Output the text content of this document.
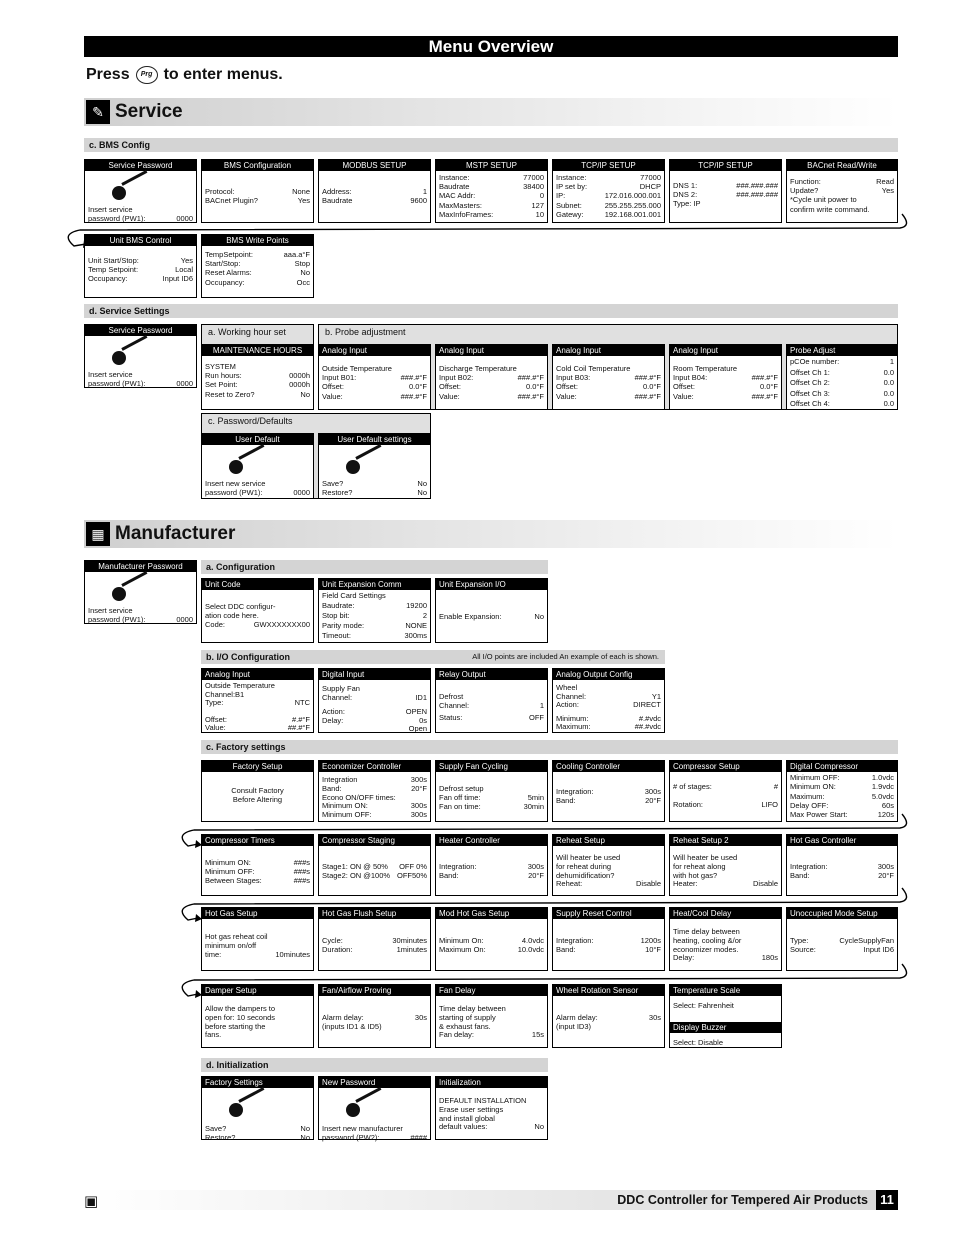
Menu Overview
Press	Prg to enter menus.
✎ Service
c. BMS Config
Service Password
Insert service
password (PW1):	0000
BMS Configuration
Protocol:	None
BACnet Plugin?	Yes
MODBUS SETUP
Address:	1
Baudrate	9600
MSTP SETUP
Instance:	77000
Baudrate	38400
MAC Addr:	0
MaxMasters:	127
MaxInfoFrames:	10
TCP/IP SETUP
Instance:	77000
IP set by:	DHCP
IP:	172.016.000.001
Subnet:	255.255.255.000
Gatewy:	192.168.001.001
TCP/IP SETUP
DNS 1:	###.###.###
DNS 2:	###.###.###
Type: IP
BACnet Read/Write
Function:	Read
Update?	Yes
*Cycle unit power to
confirm write command.
Unit BMS Control
Unit Start/Stop:	Yes
Temp Setpoint:	Local
Occupancy:	Input ID6
BMS Write Points
TempSetpoint:	aaa.a°F
Start/Stop:	Stop
Reset Alarms:	No
Occupancy:	Occ
d. Service Settings
Service Password
Insert service
password (PW1):	0000
a. Working hour set
MAINTENANCE HOURS
SYSTEM
Run hours:	0000h
Set Point:	0000h
Reset to Zero?	No
b. Probe adjustment
Analog Input
Outside Temperature
Input B01:	###.#°F
Offset:	0.0°F
Value:	###.#°F
Analog Input
Discharge Temperature
Input B02:	###.#°F
Offset:	0.0°F
Value:	###.#°F
Analog Input
Cold Coil Temperature
Input B03:	###.#°F
Offset:	0.0°F
Value:	###.#°F
Analog Input
Room Temperature
Input B04:	###.#°F
Offset:	0.0°F
Value:	###.#°F
Probe Adjust
pCOe number:	1
Offset Ch 1:	0.0
Offset Ch 2:	0.0
Offset Ch 3:	0.0
Offset Ch 4:	0.0
c. Password/Defaults
User Default
Insert new service
password (PW1):	0000
User Default settings
Save?	No
Restore?	No
▦ Manufacturer
Manufacturer Password
Insert service
password (PW1):	0000
a. Configuration
Unit Code
Select DDC configur-
ation code here.
Code:	GWXXXXXXX00
Unit Expansion Comm
Field Card Settings
Baudrate:	19200
Stop bit:	2
Parity mode:	NONE
Timeout:	300ms
Unit Expansion I/O
Enable Expansion:	No
b. I/O Configuration	All I/O points are included An example of each is shown.
Analog Input
Outside Temperature
Channel:B1
Type:	NTC
Offset:	#.#°F
Value:	##.#°F
Digital Input
Supply Fan
Channel:	ID1
Action:	OPEN
Delay:	0s
Open
Relay Output
Defrost
Channel:	1
Status:	OFF
Analog Output Config
Wheel
Channel:	Y1
Action:	DIRECT
Minimum:	#.#vdc
Maximum:	##.#vdc
c. Factory settings
Factory Setup
Consult Factory
Before Altering
Economizer Controller
Integration	300s
Band:	20°F
Econo ON/OFF times:
Minimum ON:	300s
Minimum OFF:	300s
Supply Fan Cycling
Defrost setup
Fan off time:	5min
Fan on time:	30min
Cooling Controller
Integration:	300s
Band:	20°F
Compressor Setup
# of stages:	#
Rotation:	LIFO
Digital Compressor
Minimum OFF:	1.0vdc
Minimum ON:	1.9vdc
Maximum:	5.0vdc
Delay OFF:	60s
Max Power Start:	120s
Compressor Timers
Minimum ON:	###s
Minimum OFF:	###s
Between Stages:	###s
Compressor Staging
Stage1: ON @ 50% OFF 0%
Stage2: ON @100% OFF50%
Heater Controller
Integration:	300s
Band:	20°F
Reheat Setup
Will heater be used
for reheat during
dehumidification?
Reheat:	Disable
Reheat Setup 2
Will heater be used
for reheat along
with hot gas?
Heater:	Disable
Hot Gas Controller
Integration:	300s
Band:	20°F
Hot Gas Setup
Hot gas reheat coil
minimum on/off
time:	10minutes
Hot Gas Flush Setup
Cycle:	30minutes
Duration:	1minutes
Mod Hot Gas Setup
Minimum On:	4.0vdc
Maximum On:	10.0vdc
Supply Reset Control
Integration:	1200s
Band:	10°F
Heat/Cool Delay
Time delay between
heating, cooling &/or
economizer modes.
Delay:	180s
Unoccupied Mode Setup
Type:	CycleSupplyFan
Source:	Input ID6
Damper Setup
Allow the dampers to
open for: 10 seconds
before starting the
fans.
Fan/Airflow Proving
Alarm delay:	30s
(inputs ID1 & ID5)
Fan Delay
Time delay between
starting of supply
& exhaust fans.
Fan delay:	15s
Wheel Rotation Sensor
Alarm delay:	30s
(input ID3)
Temperature Scale
Select: Fahrenheit
Display Buzzer
Select: Disable
d. Initialization
Factory Settings
Save?	No
Restore?	No
New Password
Insert new manufacturer
password (PW2):	####
Initialization
DEFAULT INSTALLATION
Erase user settings
and install global
default values:	No
DDC Controller for Tempered Air Products 11
▣
